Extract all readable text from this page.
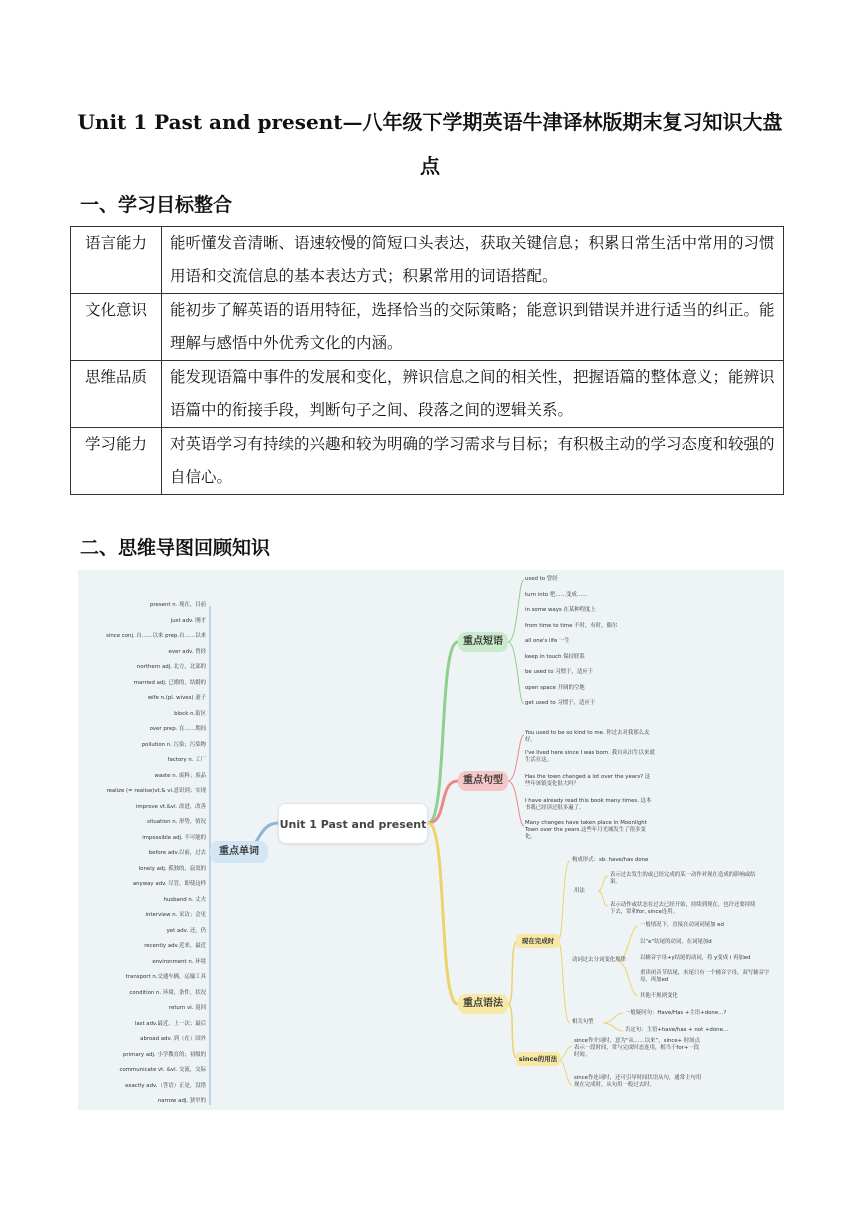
Unit 1 Past and present—八年级下学期英语牛津译林版期末复习知识大盘点
一、学习目标整合
语言能力	能听懂发音清晰、语速较慢的简短口头表达，获取关键信息；积累日常生活中常用的习惯用语和交流信息的基本表达方式；积累常用的词语搭配。
文化意识	能初步了解英语的语用特征，选择恰当的交际策略；能意识到错误并进行适当的纠正。能理解与感悟中外优秀文化的内涵。
思维品质	能发现语篇中事件的发展和变化，辨识信息之间的相关性，把握语篇的整体意义；能辨识语篇中的衔接手段，判断句子之间、段落之间的逻辑关系。
学习能力	对英语学习有持续的兴趣和较为明确的学习需求与目标；有积极主动的学习态度和较强的自信心。
二、思维导图回顾知识
present n. 现在，目前
just adv. 刚才
since conj. 自……以来 prep.自……以来
ever adv. 曾经
northern adj. 北方，北部的
married adj. 已婚的，结婚的
wife n.(pl. wives) 妻子
block n.街区
over prep. 在……期间
pollution n. 污染；污染物
factory n. 工厂
waste n. 废料；废品
realize (= realise)vt.& vi.意识到；实现
improve vt.&vi. 改进，改善
situation n. 形势，情况
impossible adj. 不可能的
before adv.以前，过去
lonely adj. 孤独的，寂寞的
anyway adv. 尽管，即使这样
husband n. 丈夫
interview n. 采访；会见
yet adv. 还，仍
recently adv.近来，最近
environment n. 环境
transport n.交通车辆，运输工具
condition n. 环境，条件，状况
return vi. 返回
last adv.最近，上一次；最后
abroad adv. 到（在）国外
primary adj. 小学教育的；初级的
communicate vt. &vi. 交流，交际
exactly adv.（答语）正是，没错
narrow adj. 狭窄的
重点单词
Unit 1 Past and present
重点短语
重点句型
重点语法
used to 曾经
turn into 把……变成……
in some ways 在某种程度上
from time to time 不时，有时，偶尔
all one's life 一生
keep in touch 保持联系
be used to 习惯于，适应于
open space 开阔的空地
get used to 习惯于，适应于
You used to be so kind to me. 你过去对我那么友好。
I've lived here since I was born. 我自从出生以来就生活在这。
Has the town changed a lot over the years? 这些年该镇变化很大吗？
I have already read this book many times. 这本书我已经读过很多遍了。
Many changes have taken place in Moonlight Town over the years.这些年月光城发生了很多变化。
现在完成时
since的用法
构成形式：sb. have/has done
用法
表示过去发生的或已经完成的某一动作对现在造成的影响或结果。
表示动作或状态在过去已经开始，持续到现在，也许还要持续下去，常和for, since连用。
动词过去分词变化规律
一般情况下，直接在动词词尾加 ed
以“e”结尾的动词，在词尾加d
以辅音字母+y结尾的动词，将 y变成 i 再加ed
重读闭音节结尾，末尾只有一个辅音字母，双写辅音字母，再加ed
其他不规则变化
相关句型
一般疑问句：Have/Has +主语+done…?
否定句：主语+have/has + not +done…
since作介词时，意为“从……以来”，since+ 时间点表示一段时间，常与完成时态连用，相当于for+一段时间。
since作连词时，还可引导时间状语从句，通常主句用现在完成时，从句用一般过去时。
